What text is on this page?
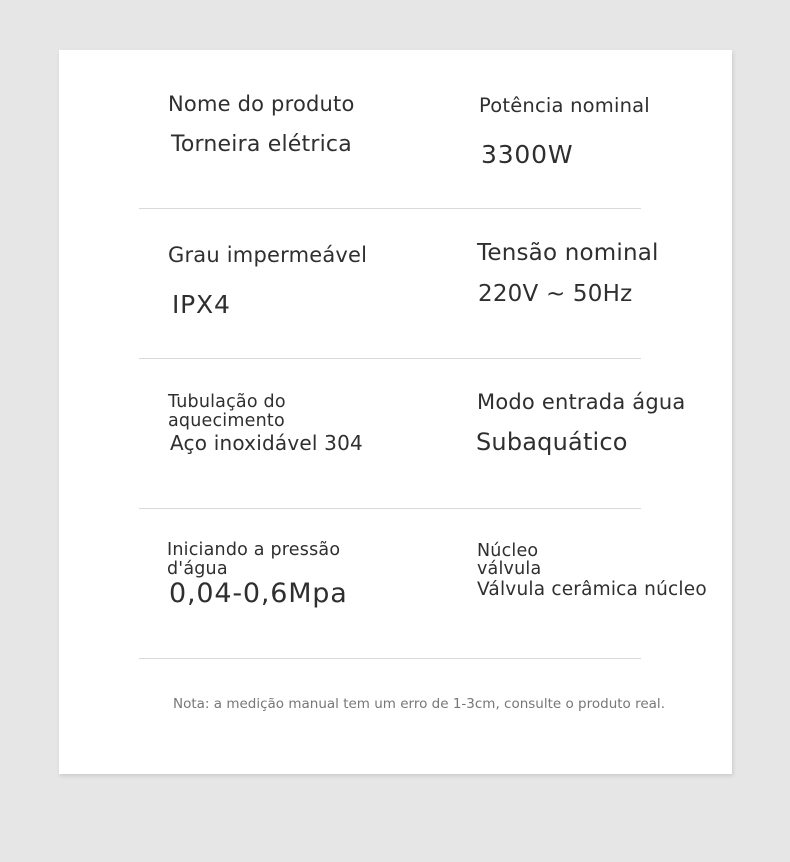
Nome do produto
Torneira elétrica
Potência nominal
3300W
Grau impermeável
IPX4
Tensão nominal
220V ~ 50Hz
Tubulação do
aquecimento
Aço inoxidável 304
Modo entrada água
Subaquático
Iniciando a pressão
d'água
0,04-0,6Mpa
Núcleo
válvula
Válvula cerâmica núcleo
Nota: a medição manual tem um erro de 1-3cm, consulte o produto real.
